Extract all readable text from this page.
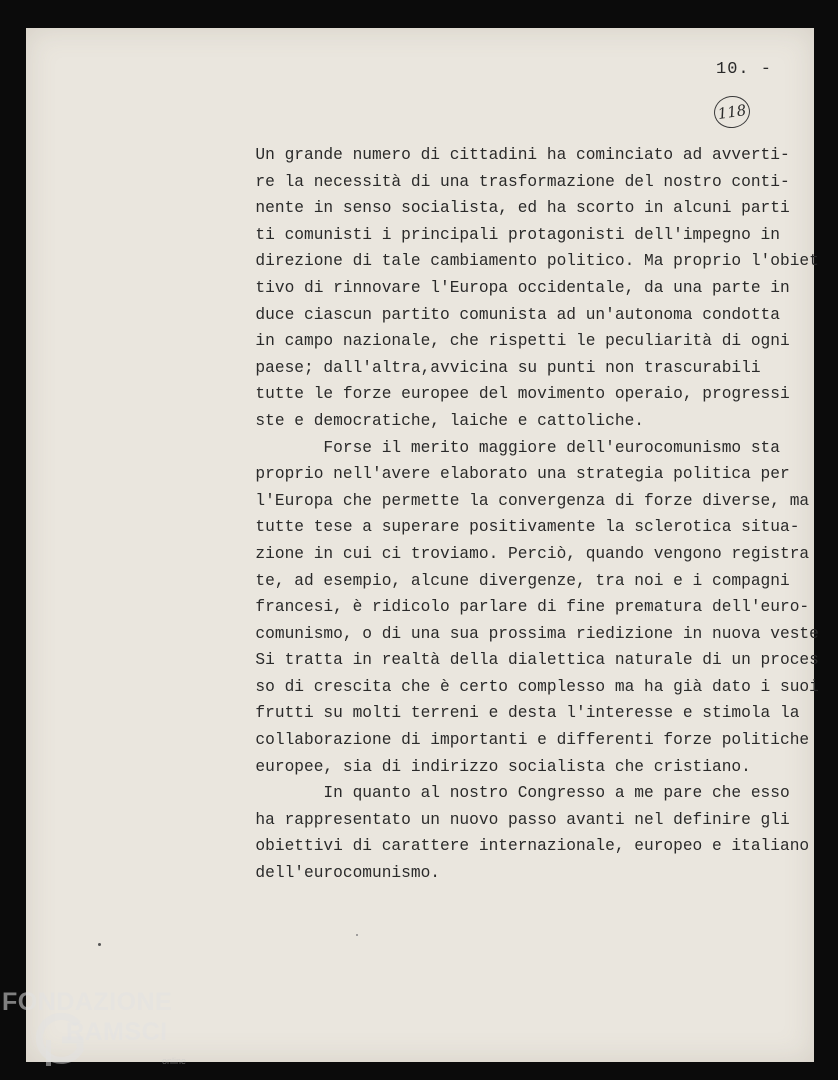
10. -
118
Un grande numero di cittadini ha cominciato ad avverti-
re la necessità di una trasformazione del nostro conti-
nente in senso socialista, ed ha scorto in alcuni parti
ti comunisti i principali protagonisti dell'impegno in
direzione di tale cambiamento politico. Ma proprio l'obiet
tivo di rinnovare l'Europa occidentale, da una parte in
duce ciascun partito comunista ad un'autonoma condotta
in campo nazionale, che rispetti le peculiarità di ogni
paese; dall'altra,avvicina su punti non trascurabili
tutte le forze europee del movimento operaio, progressi
ste e democratiche, laiche e cattoliche.
Forse il merito maggiore dell'eurocomunismo sta
proprio nell'avere elaborato una strategia politica per
l'Europa che permette la convergenza di forze diverse, ma
tutte tese a superare positivamente la sclerotica situa-
zione in cui ci troviamo. Perciò, quando vengono registra
te, ad esempio, alcune divergenze, tra noi e i compagni
francesi, è ridicolo parlare di fine prematura dell'euro-
comunismo, o di una sua prossima riedizione in nuova veste
Si tratta in realtà della dialettica naturale di un proces
so di crescita che è certo complesso ma ha già dato i suoi
frutti su molti terreni e desta l'interesse e stimola la
collaborazione di importanti e differenti forze politiche
europee, sia di indirizzo socialista che cristiano.
In quanto al nostro Congresso a me pare che esso
ha rappresentato un nuovo passo avanti nel definire gli
obiettivi di carattere internazionale, europeo e italiano
dell'eurocomunismo.
FONDAZIONE
RAMSCI
online
